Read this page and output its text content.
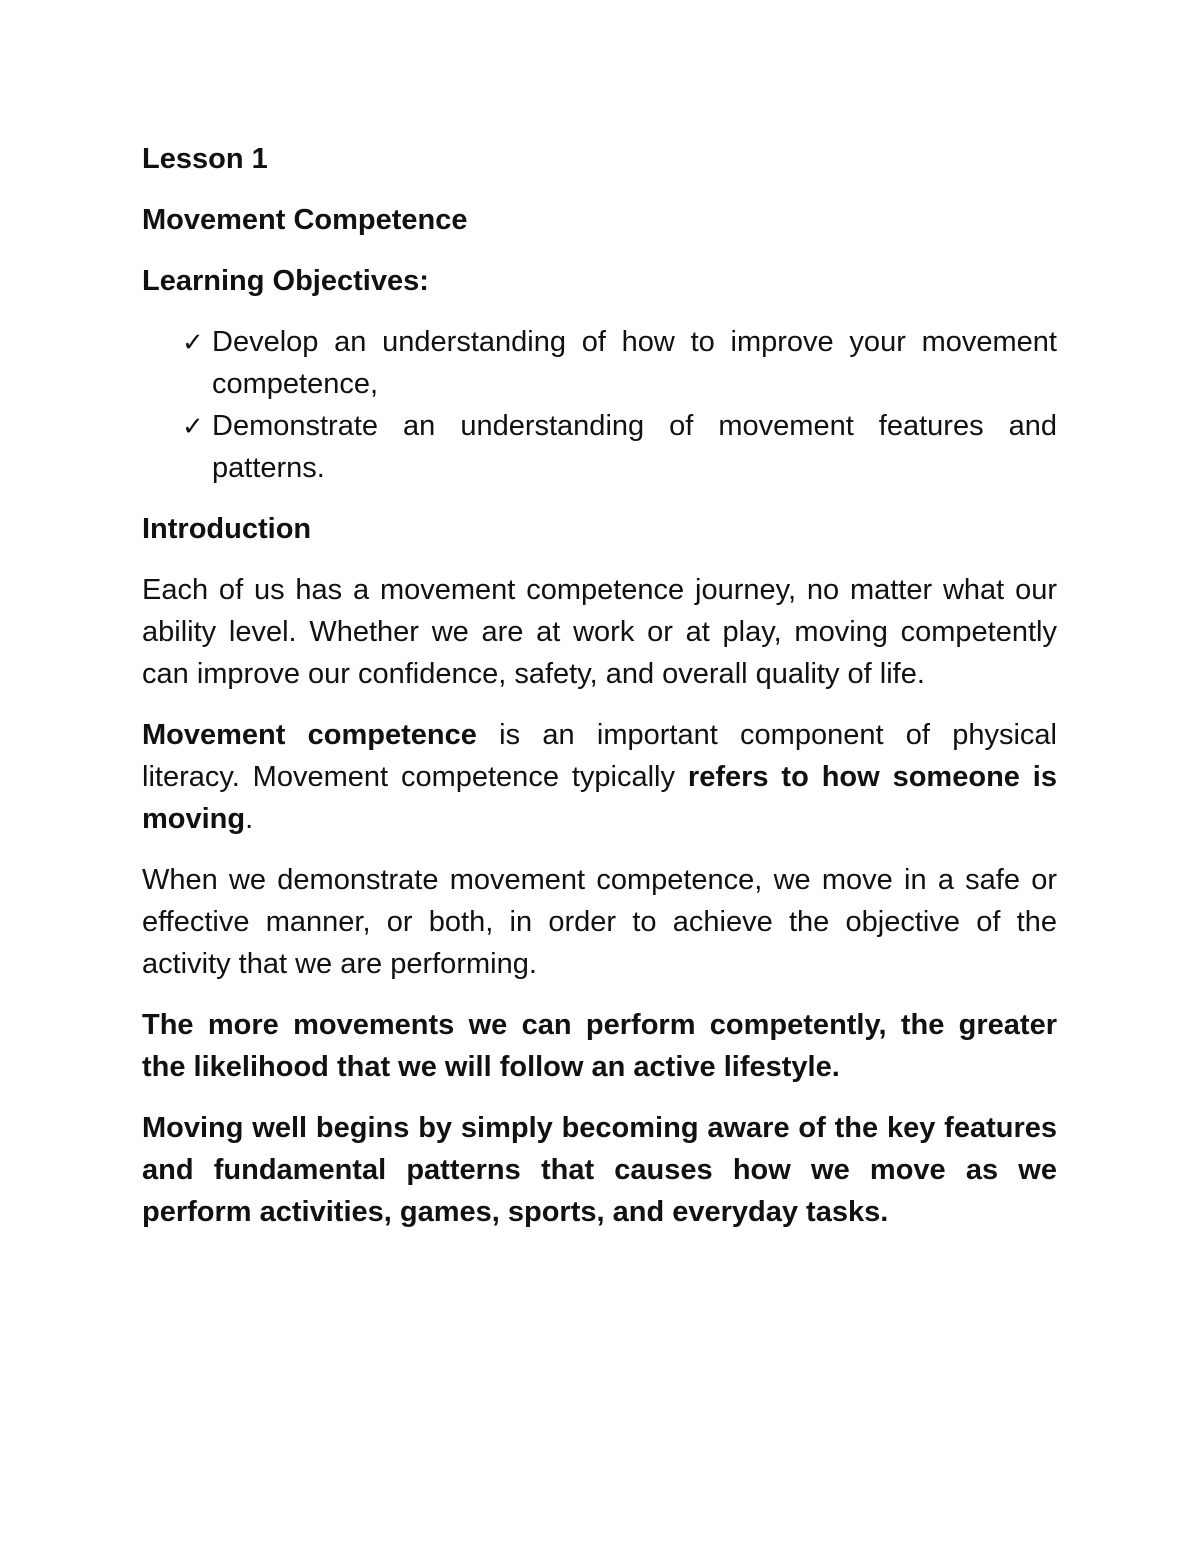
Lesson 1

Movement Competence

Learning Objectives:

✓ Develop an understanding of how to improve your movement competence,
✓ Demonstrate an understanding of movement features and patterns.

Introduction

Each of us has a movement competence journey, no matter what our ability level. Whether we are at work or at play, moving competently can improve our confidence, safety, and overall quality of life.

Movement competence is an important component of physical literacy. Movement competence typically refers to how someone is moving.

When we demonstrate movement competence, we move in a safe or effective manner, or both, in order to achieve the objective of the activity that we are performing.

The more movements we can perform competently, the greater the likelihood that we will follow an active lifestyle.

Moving well begins by simply becoming aware of the key features and fundamental patterns that causes how we move as we perform activities, games, sports, and everyday tasks.
